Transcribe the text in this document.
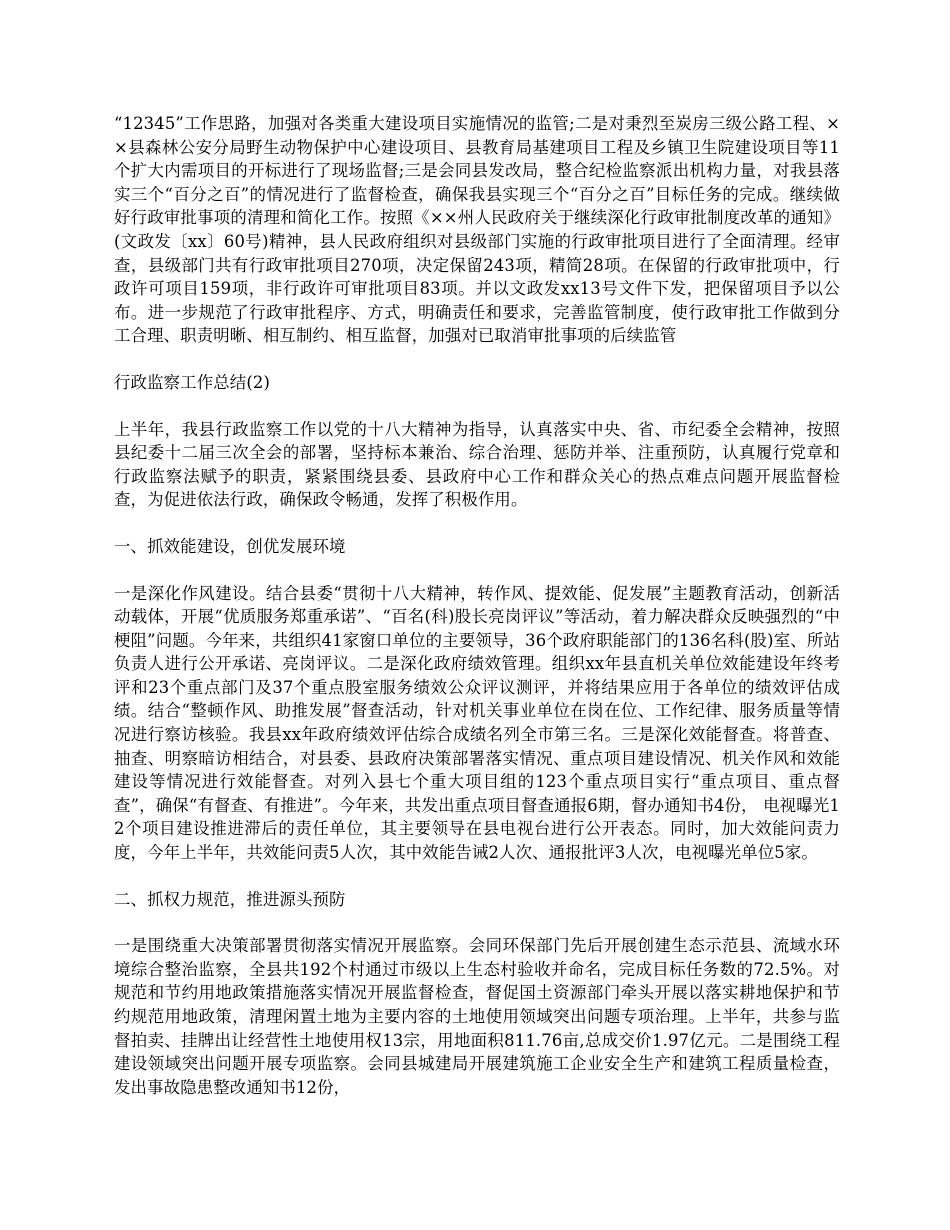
“12345”工作思路，加强对各类重大建设项目实施情况的监管;二是对秉烈至炭房三级公路工程、××县森林公安分局野生动物保护中心建设项目、县教育局基建项目工程及乡镇卫生院建设项目等11个扩大内需项目的开标进行了现场监督;三是会同县发改局，整合纪检监察派出机构力量，对我县落实三个“百分之百”的情况进行了监督检查，确保我县实现三个“百分之百”目标任务的完成。继续做好行政审批事项的清理和简化工作。按照《××州人民政府关于继续深化行政审批制度改革的通知》(文政发〔xx〕60号)精神，县人民政府组织对县级部门实施的行政审批项目进行了全面清理。经审查，县级部门共有行政审批项目270项，决定保留243项，精简28项。在保留的行政审批项中，行政许可项目159项，非行政许可审批项目83项。并以文政发xx13号文件下发，把保留项目予以公布。进一步规范了行政审批程序、方式，明确责任和要求，完善监管制度，使行政审批工作做到分工合理、职责明晰、相互制约、相互监督，加强对已取消审批事项的后续监管

行政监察工作总结(2)

上半年，我县行政监察工作以党的十八大精神为指导，认真落实中央、省、市纪委全会精神，按照县纪委十二届三次全会的部署，坚持标本兼治、综合治理、惩防并举、注重预防，认真履行党章和行政监察法赋予的职责，紧紧围绕县委、县政府中心工作和群众关心的热点难点问题开展监督检查，为促进依法行政，确保政令畅通，发挥了积极作用。

一、抓效能建设，创优发展环境

一是深化作风建设。结合县委“贯彻十八大精神，转作风、提效能、促发展”主题教育活动，创新活动载体，开展“优质服务郑重承诺”、“百名(科)股长亮岗评议”等活动，着力解决群众反映强烈的“中梗阻”问题。今年来，共组织41家窗口单位的主要领导，36个政府职能部门的136名科(股)室、所站负责人进行公开承诺、亮岗评议。二是深化政府绩效管理。组织xx年县直机关单位效能建设年终考评和23个重点部门及37个重点股室服务绩效公众评议测评，并将结果应用于各单位的绩效评估成绩。结合“整顿作风、助推发展”督查活动，针对机关事业单位在岗在位、工作纪律、服务质量等情况进行察访核验。我县xx年政府绩效评估综合成绩名列全市第三名。三是深化效能督查。将普查、抽查、明察暗访相结合，对县委、县政府决策部署落实情况、重点项目建设情况、机关作风和效能建设等情况进行效能督查。对列入县七个重大项目组的123个重点项目实行“重点项目、重点督查”，确保“有督查、有推进”。今年来，共发出重点项目督查通报6期，督办通知书4份， 电视曝光12个项目建设推进滞后的责任单位，其主要领导在县电视台进行公开表态。同时，加大效能问责力度，今年上半年，共效能问责5人次，其中效能告诫2人次、通报批评3人次，电视曝光单位5家。

二、抓权力规范，推进源头预防

一是围绕重大决策部署贯彻落实情况开展监察。会同环保部门先后开展创建生态示范县、流域水环境综合整治监察，全县共192个村通过市级以上生态村验收并命名，完成目标任务数的72.5%。对规范和节约用地政策措施落实情况开展监督检查，督促国土资源部门牵头开展以落实耕地保护和节约规范用地政策，清理闲置土地为主要内容的土地使用领域突出问题专项治理。上半年，共参与监督拍卖、挂牌出让经营性土地使用权13宗，用地面积811.76亩,总成交价1.97亿元。二是围绕工程建设领域突出问题开展专项监察。会同县城建局开展建筑施工企业安全生产和建筑工程质量检查，发出事故隐患整改通知书12份，
